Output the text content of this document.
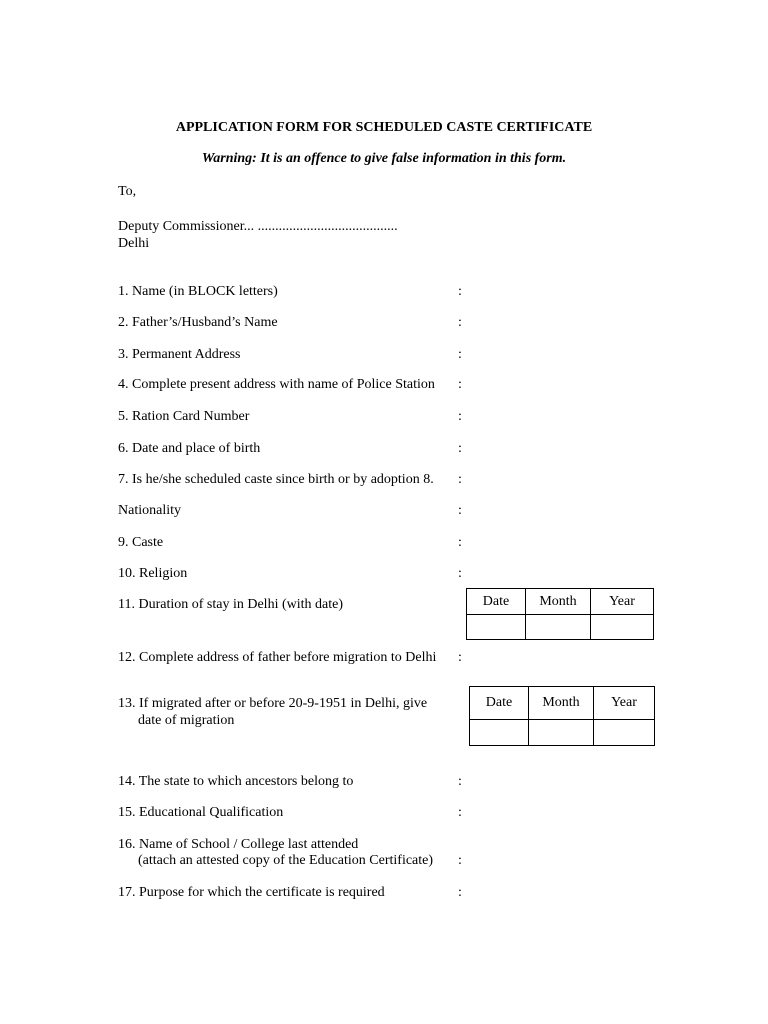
APPLICATION FORM FOR SCHEDULED CASTE CERTIFICATE
Warning: It is an offence to give false information in this form.
To,
Deputy Commissioner... ........................................
Delhi
1. Name (in BLOCK letters)	:
2. Father’s/Husband’s Name	:
3. Permanent Address	:
4. Complete present address with name of Police Station :
5. Ration Card Number	:
6. Date and place of birth	:
7. Is he/she scheduled caste since birth or by adoption 8. :
Nationality	:
9. Caste	:
10. Religion	:
11. Duration of stay in Delhi (with date)	Date	Month	Year

12. Complete address of father before migration to Delhi :
13. If migrated after or before 20-9-1951 in Delhi, give
date of migration
Date	Month	Year

14. The state to which ancestors belong to	:
15. Educational Qualification	:
16. Name of School / College last attended
(attach an attested copy of the Education Certificate) :
17. Purpose for which the certificate is required	:
